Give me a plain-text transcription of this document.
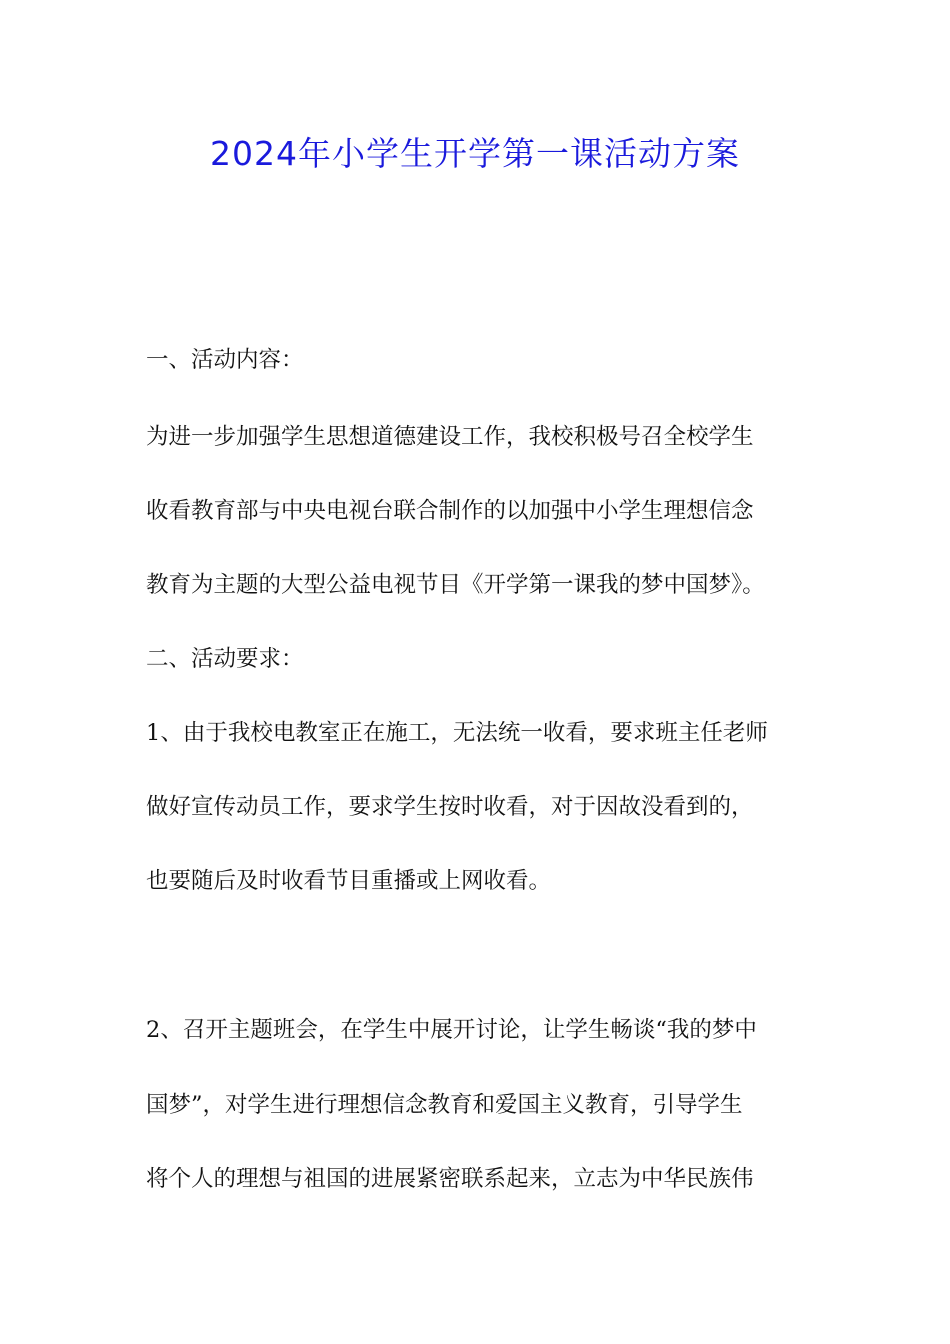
2024年小学生开学第一课活动方案

一、活动内容：

为进一步加强学生思想道德建设工作，我校积极号召全校学生

收看教育部与中央电视台联合制作的以加强中小学生理想信念

教育为主题的大型公益电视节目《开学第一课我的梦中国梦》。

二、活动要求：

1、由于我校电教室正在施工，无法统一收看，要求班主任老师

做好宣传动员工作，要求学生按时收看，对于因故没看到的，

也要随后及时收看节目重播或上网收看。

2、召开主题班会，在学生中展开讨论，让学生畅谈“我的梦中

国梦”，对学生进行理想信念教育和爱国主义教育，引导学生

将个人的理想与祖国的进展紧密联系起来，立志为中华民族伟
